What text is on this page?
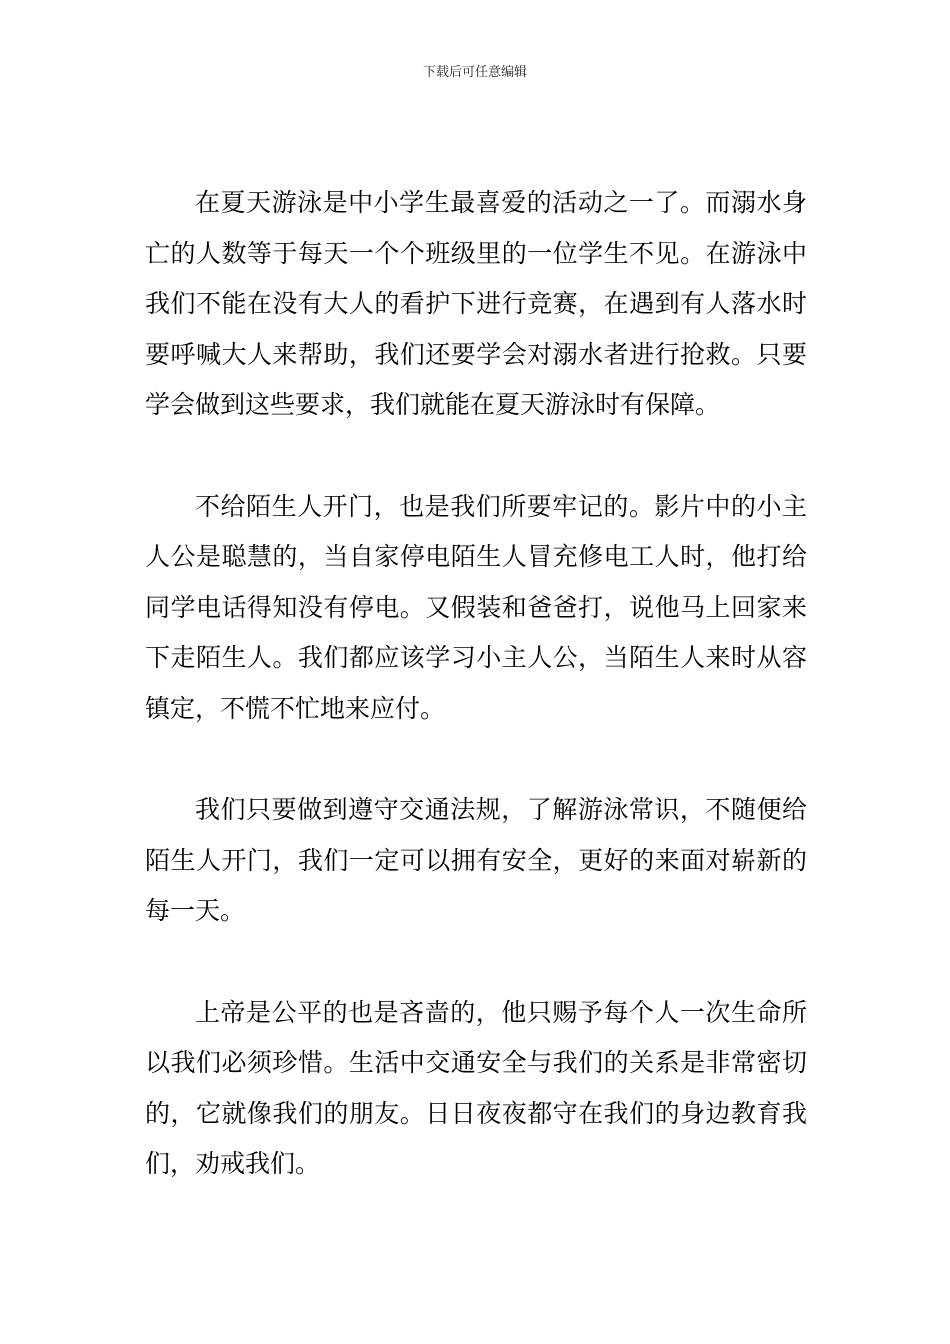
下载后可任意编辑

在夏天游泳是中小学生最喜爱的活动之一了。而溺水身亡的人数等于每天一个个班级里的一位学生不见。在游泳中我们不能在没有大人的看护下进行竞赛，在遇到有人落水时要呼喊大人来帮助，我们还要学会对溺水者进行抢救。只要学会做到这些要求，我们就能在夏天游泳时有保障。

不给陌生人开门，也是我们所要牢记的。影片中的小主人公是聪慧的，当自家停电陌生人冒充修电工人时，他打给同学电话得知没有停电。又假装和爸爸打，说他马上回家来下走陌生人。我们都应该学习小主人公，当陌生人来时从容镇定，不慌不忙地来应付。

我们只要做到遵守交通法规，了解游泳常识，不随便给陌生人开门，我们一定可以拥有安全，更好的来面对崭新的每一天。

上帝是公平的也是吝啬的，他只赐予每个人一次生命所以我们必须珍惜。生活中交通安全与我们的关系是非常密切的，它就像我们的朋友。日日夜夜都守在我们的身边教育我们，劝戒我们。
